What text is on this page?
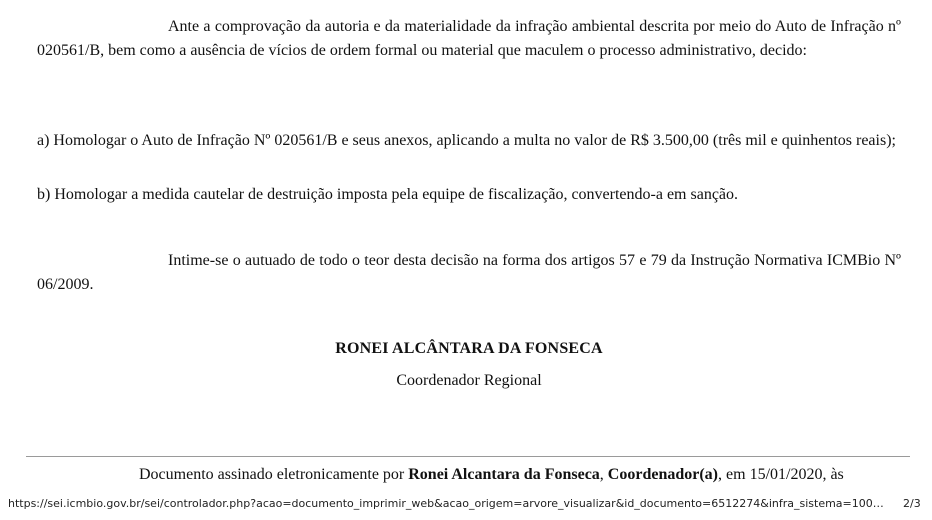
Ante a comprovação da autoria e da materialidade da infração ambiental descrita por meio do Auto de Infração nº 020561/B, bem como a ausência de vícios de ordem formal ou material que maculem o processo administrativo, decido:

a) Homologar o Auto de Infração Nº 020561/B e seus anexos, aplicando a multa no valor de R$ 3.500,00 (três mil e quinhentos reais);

b) Homologar a medida cautelar de destruição imposta pela equipe de fiscalização, convertendo-a em sanção.

Intime-se o autuado de todo o teor desta decisão na forma dos artigos 57 e 79 da Instrução Normativa ICMBio Nº 06/2009.

RONEI ALCÂNTARA DA FONSECA
Coordenador Regional
Documento assinado eletronicamente por Ronei Alcantara da Fonseca, Coordenador(a), em 15/01/2020, às
https://sei.icmbio.gov.br/sei/controlador.php?acao=documento_imprimir_web&acao_origem=arvore_visualizar&id_documento=6512274&infra_sistema=100…	2/3
